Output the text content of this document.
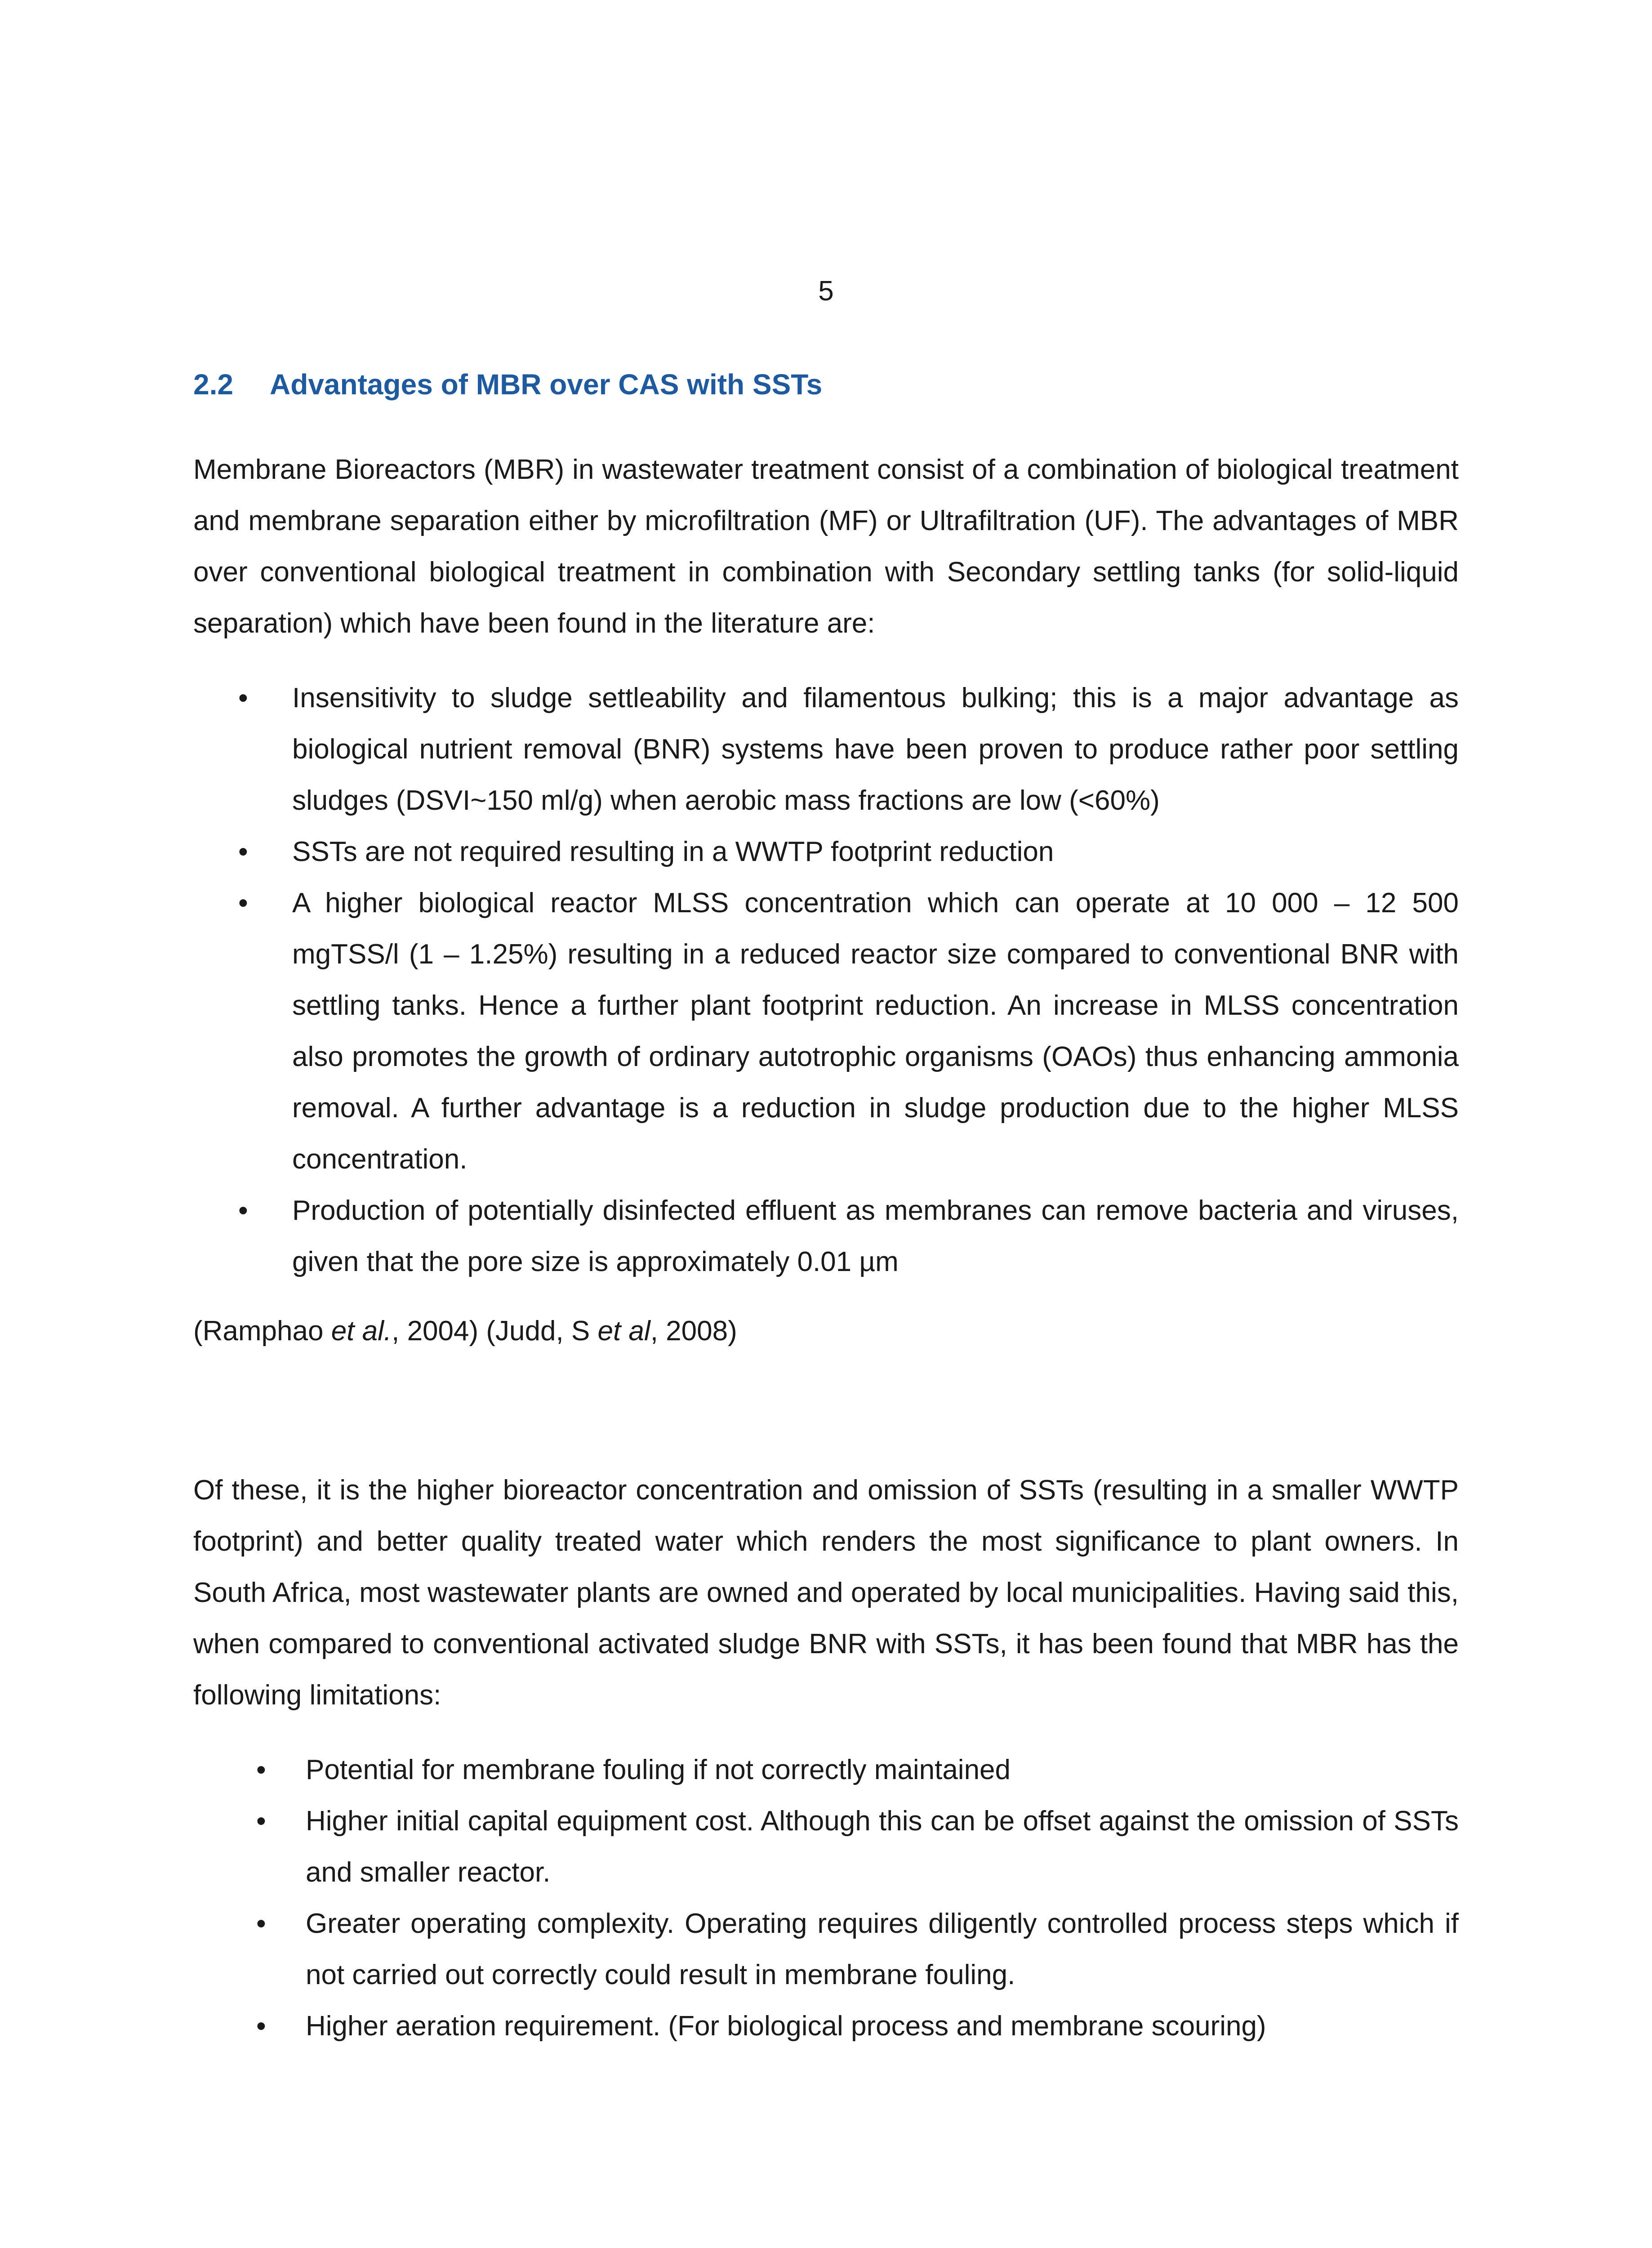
5
2.2 Advantages of MBR over CAS with SSTs

Membrane Bioreactors (MBR) in wastewater treatment consist of a combination of biological treatment and membrane separation either by microfiltration (MF) or Ultrafiltration (UF). The advantages of MBR over conventional biological treatment in combination with Secondary settling tanks (for solid-liquid separation) which have been found in the literature are:

• Insensitivity to sludge settleability and filamentous bulking; this is a major advantage as biological nutrient removal (BNR) systems have been proven to produce rather poor settling sludges (DSVI~150 ml/g) when aerobic mass fractions are low (<60%)
• SSTs are not required resulting in a WWTP footprint reduction
• A higher biological reactor MLSS concentration which can operate at 10 000 – 12 500 mgTSS/l (1 – 1.25%) resulting in a reduced reactor size compared to conventional BNR with settling tanks. Hence a further plant footprint reduction. An increase in MLSS concentration also promotes the growth of ordinary autotrophic organisms (OAOs) thus enhancing ammonia removal. A further advantage is a reduction in sludge production due to the higher MLSS concentration.
• Production of potentially disinfected effluent as membranes can remove bacteria and viruses, given that the pore size is approximately 0.01 µm

(Ramphao et al., 2004) (Judd, S et al, 2008)

Of these, it is the higher bioreactor concentration and omission of SSTs (resulting in a smaller WWTP footprint) and better quality treated water which renders the most significance to plant owners. In South Africa, most wastewater plants are owned and operated by local municipalities. Having said this, when compared to conventional activated sludge BNR with SSTs, it has been found that MBR has the following limitations:

• Potential for membrane fouling if not correctly maintained
• Higher initial capital equipment cost. Although this can be offset against the omission of SSTs and smaller reactor.
• Greater operating complexity. Operating requires diligently controlled process steps which if not carried out correctly could result in membrane fouling.
• Higher aeration requirement. (For biological process and membrane scouring)
